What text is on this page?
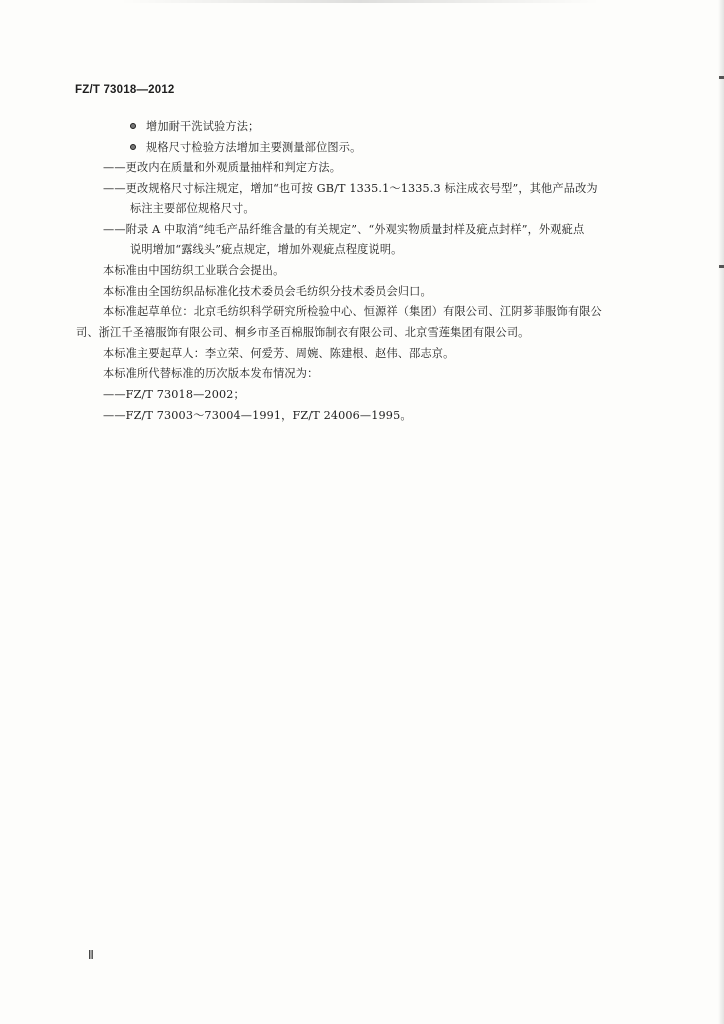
FZ/T 73018—2012
增加耐干洗试验方法；
规格尺寸检验方法增加主要测量部位图示。
——更改内在质量和外观质量抽样和判定方法。
——更改规格尺寸标注规定，增加“也可按 GB/T 1335.1～1335.3 标注成衣号型”，其他产品改为
标注主要部位规格尺寸。
——附录 A 中取消“纯毛产品纤维含量的有关规定”、“外观实物质量封样及疵点封样”，外观疵点
说明增加“露线头”疵点规定，增加外观疵点程度说明。
本标准由中国纺织工业联合会提出。
本标准由全国纺织品标准化技术委员会毛纺织分技术委员会归口。
本标准起草单位：北京毛纺织科学研究所检验中心、恒源祥（集团）有限公司、江阴芗菲服饰有限公
司、浙江千圣禧服饰有限公司、桐乡市圣百棉服饰制衣有限公司、北京雪莲集团有限公司。
本标准主要起草人：李立荣、何爱芳、周婉、陈建根、赵伟、邵志京。
本标准所代替标准的历次版本发布情况为：
——FZ/T 73018—2002；
——FZ/T 73003～73004—1991，FZ/T 24006—1995。
Ⅱ
